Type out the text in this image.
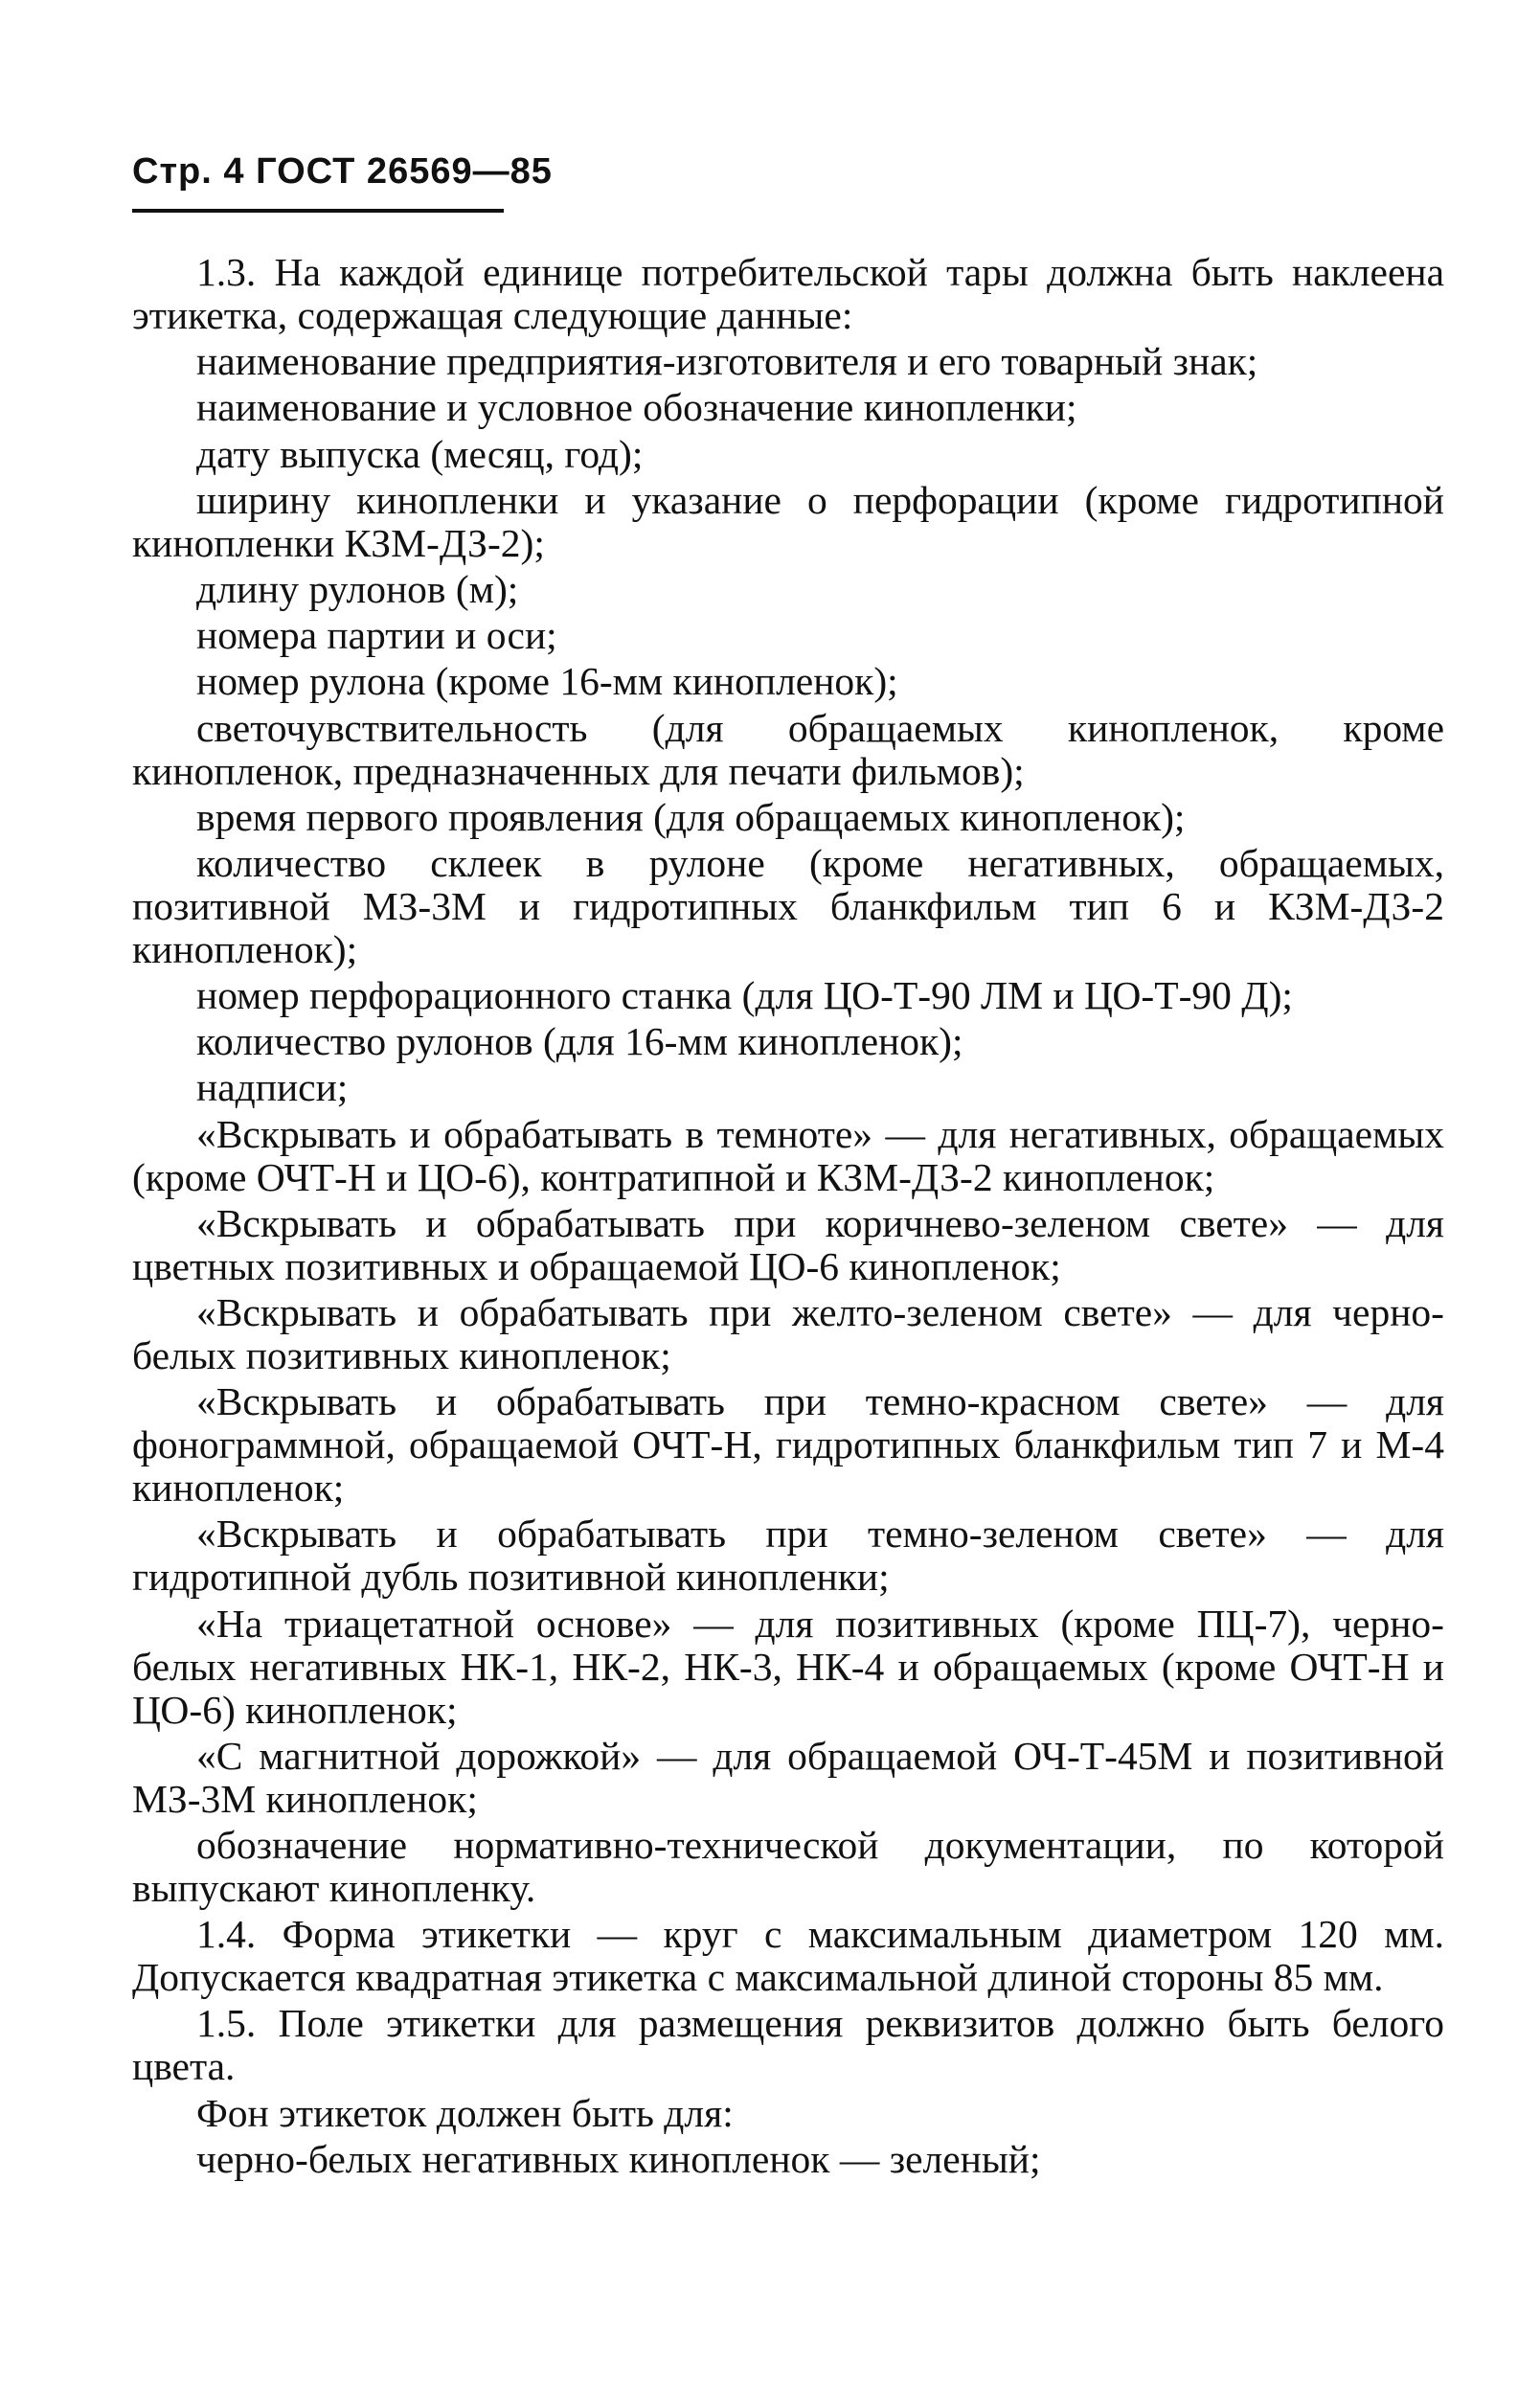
Стр. 4 ГОСТ 26569—85

1.3. На каждой единице потребительской тары должна быть наклеена этикетка, содержащая следующие данные:

наименование предприятия-изготовителя и его товарный знак;

наименование и условное обозначение кинопленки;

дату выпуска (месяц, год);

ширину кинопленки и указание о перфорации (кроме гидротипной кинопленки КЗМ-ДЗ-2);

длину рулонов (м);

номера партии и оси;

номер рулона (кроме 16-мм кинопленок);

светочувствительность (для обращаемых кинопленок, кроме кинопленок, предназначенных для печати фильмов);

время первого проявления (для обращаемых кинопленок);

количество склеек в рулоне (кроме негативных, обращаемых, позитивной МЗ-3М и гидротипных бланкфильм тип 6 и КЗМ-ДЗ-2 кинопленок);

номер перфорационного станка (для ЦО-Т-90 ЛМ и ЦО-Т-90 Д);

количество рулонов (для 16-мм кинопленок);

надписи;

«Вскрывать и обрабатывать в темноте» — для негативных, обращаемых (кроме ОЧТ-Н и ЦО-6), контратипной и КЗМ-ДЗ-2 кинопленок;

«Вскрывать и обрабатывать при коричнево-зеленом свете» — для цветных позитивных и обращаемой ЦО-6 кинопленок;

«Вскрывать и обрабатывать при желто-зеленом свете» — для черно-белых позитивных кинопленок;

«Вскрывать и обрабатывать при темно-красном свете» — для фонограммной, обращаемой ОЧТ-Н, гидротипных бланкфильм тип 7 и М-4 кинопленок;

«Вскрывать и обрабатывать при темно-зеленом свете» — для гидротипной дубль позитивной кинопленки;

«На триацетатной основе» — для позитивных (кроме ПЦ-7), черно-белых негативных НК-1, НК-2, НК-3, НК-4 и обращаемых (кроме ОЧТ-Н и ЦО-6) кинопленок;

«С магнитной дорожкой» — для обращаемой ОЧ-Т-45М и позитивной МЗ-3М кинопленок;

обозначение нормативно-технической документации, по которой выпускают кинопленку.

1.4. Форма этикетки — круг с максимальным диаметром 120 мм. Допускается квадратная этикетка с максимальной длиной стороны 85 мм.

1.5. Поле этикетки для размещения реквизитов должно быть белого цвета.

Фон этикеток должен быть для:

черно-белых негативных кинопленок — зеленый;
